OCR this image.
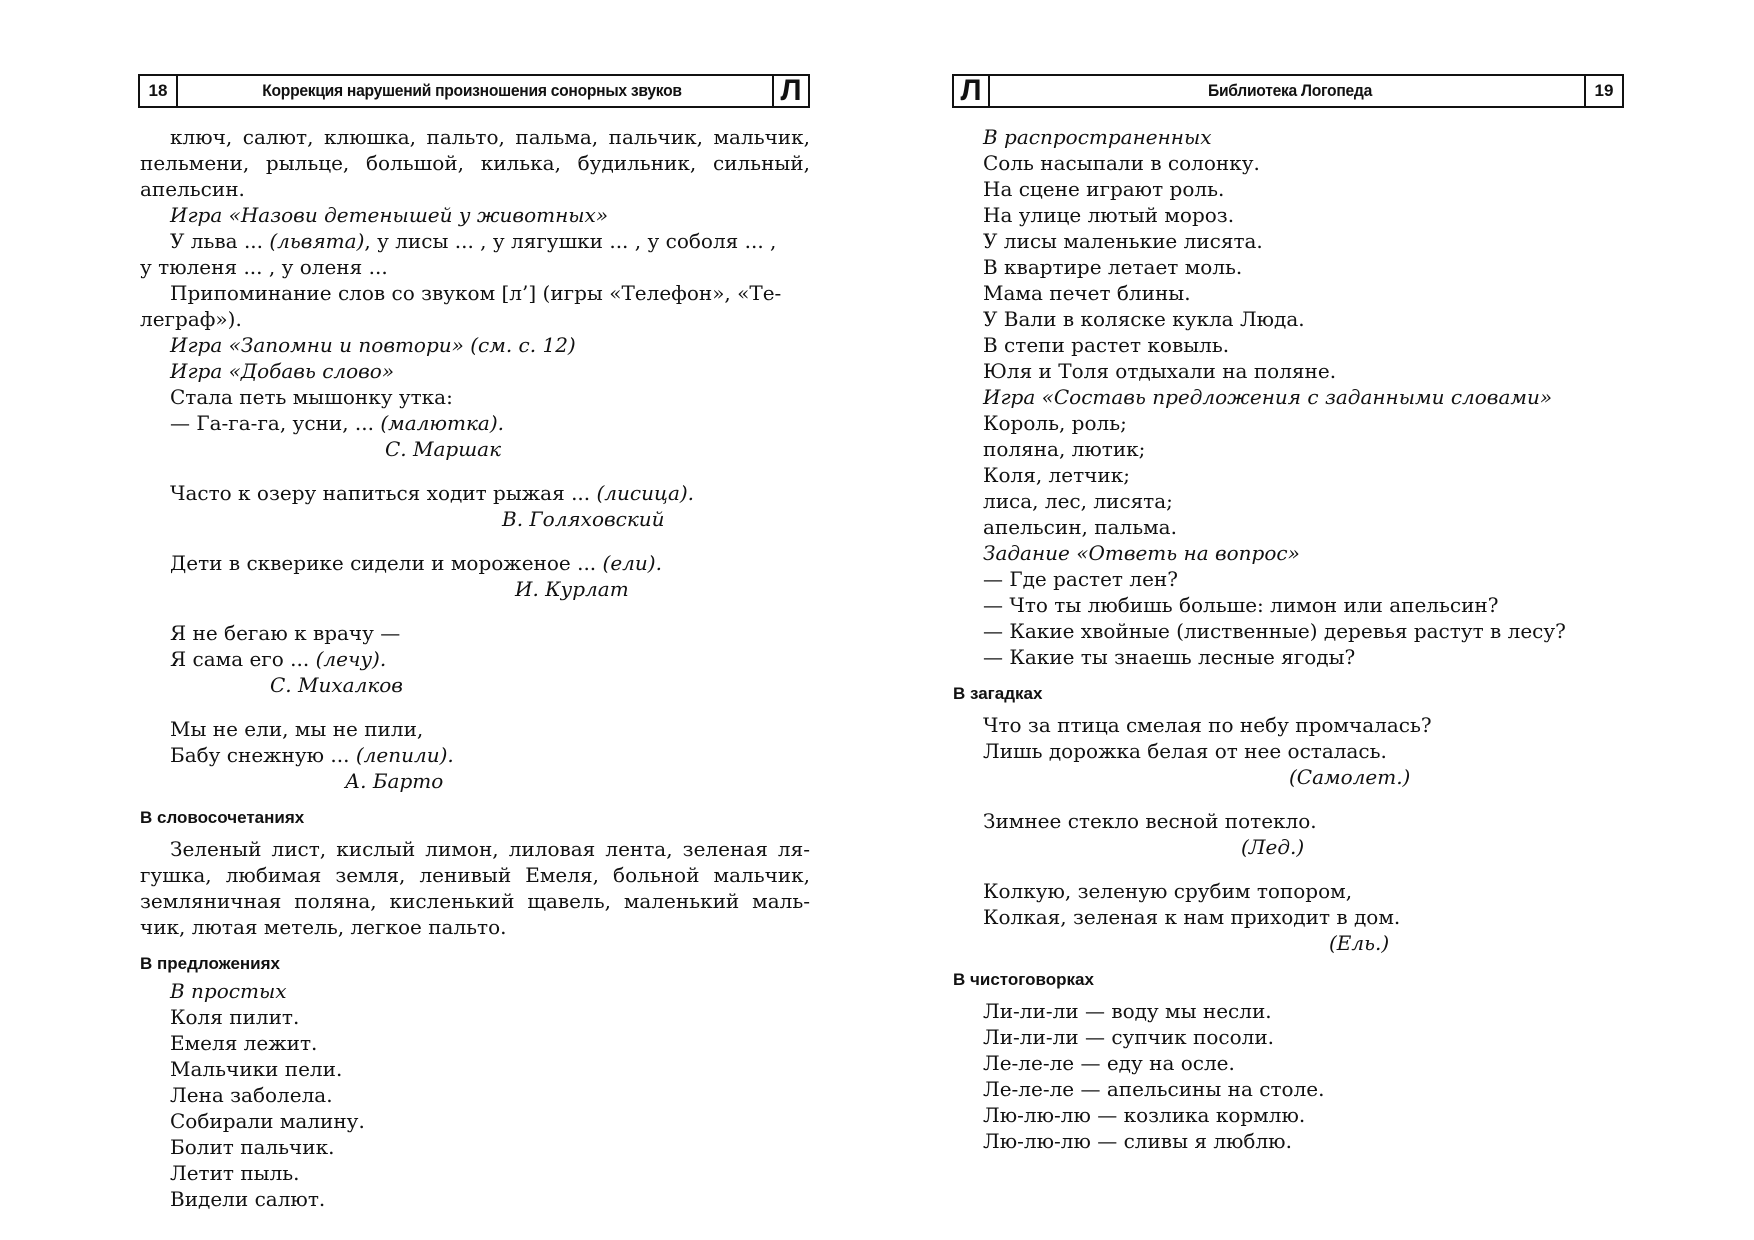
18	Коррекция нарушений произношения сонорных звуков	Л
ключ, салют, клюшка, пальто, пальма, пальчик, мальчик,
пельмени, рыльце, большой, килька, будильник, сильный,
апельсин.
Игра «Назови детенышей у животных»
У льва ... (львята), у лисы ... , у лягушки ... , у соболя ... ,
у тюленя ... , у оленя ...
Припоминание слов со звуком [л’] (игры «Телефон», «Те-
леграф»).
Игра «Запомни и повтори» (см. с. 12)
Игра «Добавь слово»
Стала петь мышонку утка:
— Га-га-га, усни, ... (малютка).
С. Маршак
Часто к озеру напиться ходит рыжая ... (лисица).
В. Голяховский
Дети в скверике сидели и мороженое ... (ели).
И. Курлат
Я не бегаю к врачу —
Я сама его ... (лечу).
С. Михалков
Мы не ели, мы не пили,
Бабу снежную ... (лепили).
А. Барто
В словосочетаниях
Зеленый лист, кислый лимон, лиловая лента, зеленая ля-
гушка, любимая земля, ленивый Емеля, больной мальчик,
земляничная поляна, кисленький щавель, маленький маль-
чик, лютая метель, легкое пальто.
В предложениях
В простых
Коля пилит.
Емеля лежит.
Мальчики пели.
Лена заболела.
Собирали малину.
Болит пальчик.
Летит пыль.
Видели салют.
Л	Библиотека Логопеда	19
В распространенных
Соль насыпали в солонку.
На сцене играют роль.
На улице лютый мороз.
У лисы маленькие лисята.
В квартире летает моль.
Мама печет блины.
У Вали в коляске кукла Люда.
В степи растет ковыль.
Юля и Толя отдыхали на поляне.
Игра «Составь предложения с заданными словами»
Король, роль;
поляна, лютик;
Коля, летчик;
лиса, лес, лисята;
апельсин, пальма.
Задание «Ответь на вопрос»
— Где растет лен?
— Что ты любишь больше: лимон или апельсин?
— Какие хвойные (лиственные) деревья растут в лесу?
— Какие ты знаешь лесные ягоды?
В загадках
Что за птица смелая по небу промчалась?
Лишь дорожка белая от нее осталась.
(Самолет.)
Зимнее стекло весной потекло.
(Лед.)
Колкую, зеленую срубим топором,
Колкая, зеленая к нам приходит в дом.
(Ель.)
В чистоговорках
Ли-ли-ли — воду мы несли.
Ли-ли-ли — супчик посоли.
Ле-ле-ле — еду на осле.
Ле-ле-ле — апельсины на столе.
Лю-лю-лю — козлика кормлю.
Лю-лю-лю — сливы я люблю.
